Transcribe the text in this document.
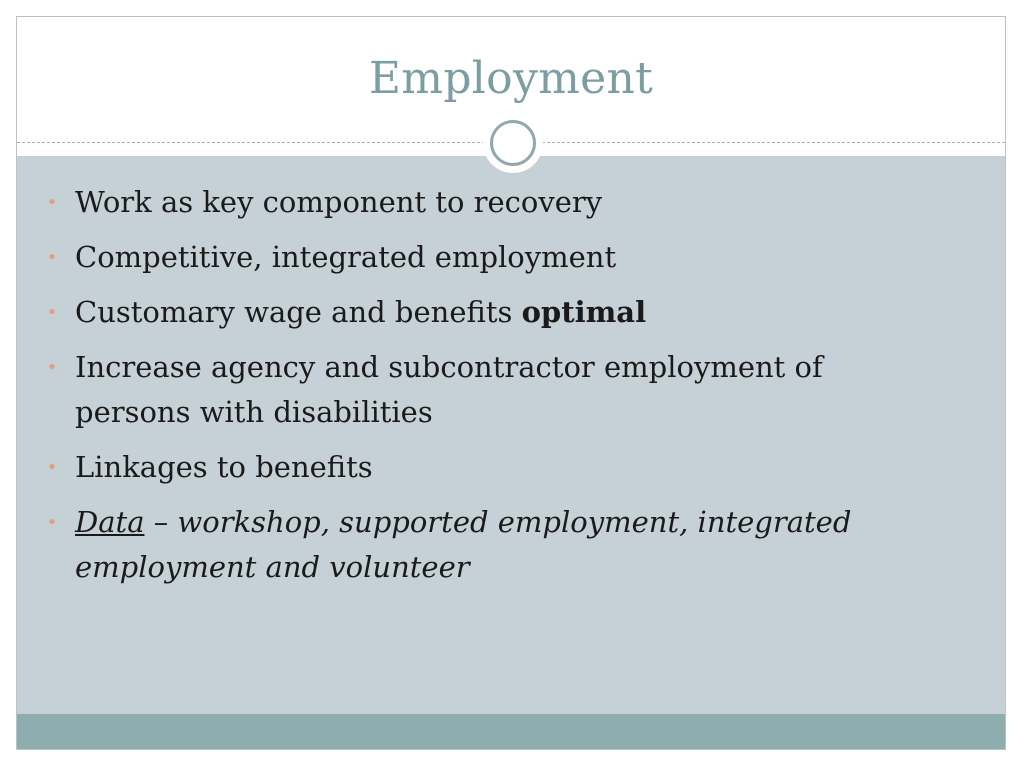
Employment
• Work as key component to recovery
• Competitive, integrated employment
• Customary wage and benefits optimal
• Increase agency and subcontractor employment of persons with disabilities
• Linkages to benefits
• Data – workshop, supported employment, integrated employment and volunteer
